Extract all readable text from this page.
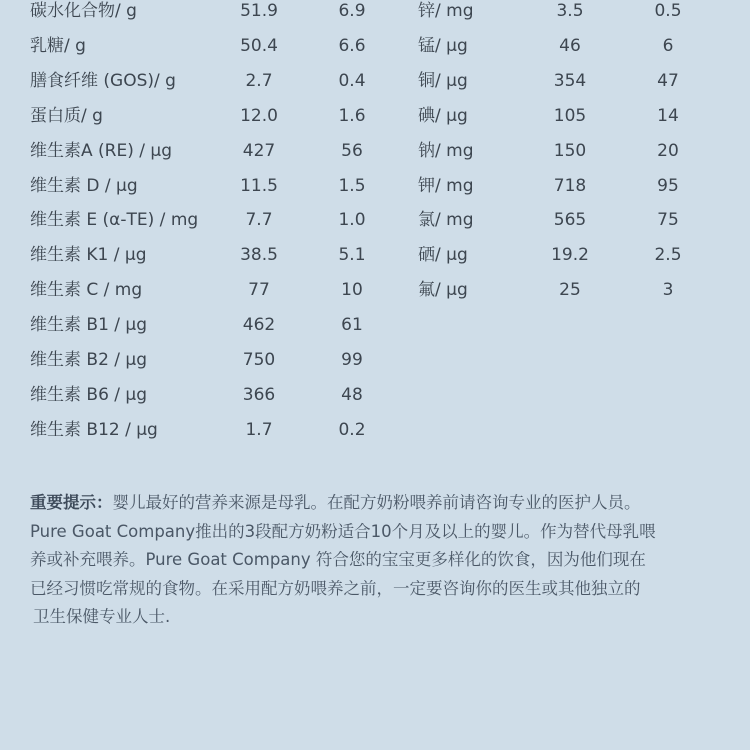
碳水化合物/ g	51.9	6.9
乳糖/ g	50.4	6.6
膳食纤维 (GOS)/ g	2.7	0.4
蛋白质/ g	12.0	1.6
维生素A (RE) / μg	427	56
维生素 D / μg	11.5	1.5
维生素 E (α-TE) / mg	7.7	1.0
维生素 K1 / μg	38.5	5.1
维生素 C / mg	77	10
维生素 B1 / μg	462	61
维生素 B2 / μg	750	99
维生素 B6 / μg	366	48
维生素 B12 / μg	1.7	0.2
锌/ mg	3.5	0.5
锰/ μg	46	6
铜/ μg	354	47
碘/ μg	105	14
钠/ mg	150	20
钾/ mg	718	95
氯/ mg	565	75
硒/ μg	19.2	2.5
氟/ μg	25	3
重要提示：婴儿最好的营养来源是母乳。在配方奶粉喂养前请咨询专业的医护人员。
Pure Goat Company推出的3段配方奶粉适合10个月及以上的婴儿。作为替代母乳喂
养或补充喂养。Pure Goat Company 符合您的宝宝更多样化的饮食，因为他们现在
已经习惯吃常规的食物。在采用配方奶喂养之前，一定要咨询你的医生或其他独立的
卫生保健专业人士.
